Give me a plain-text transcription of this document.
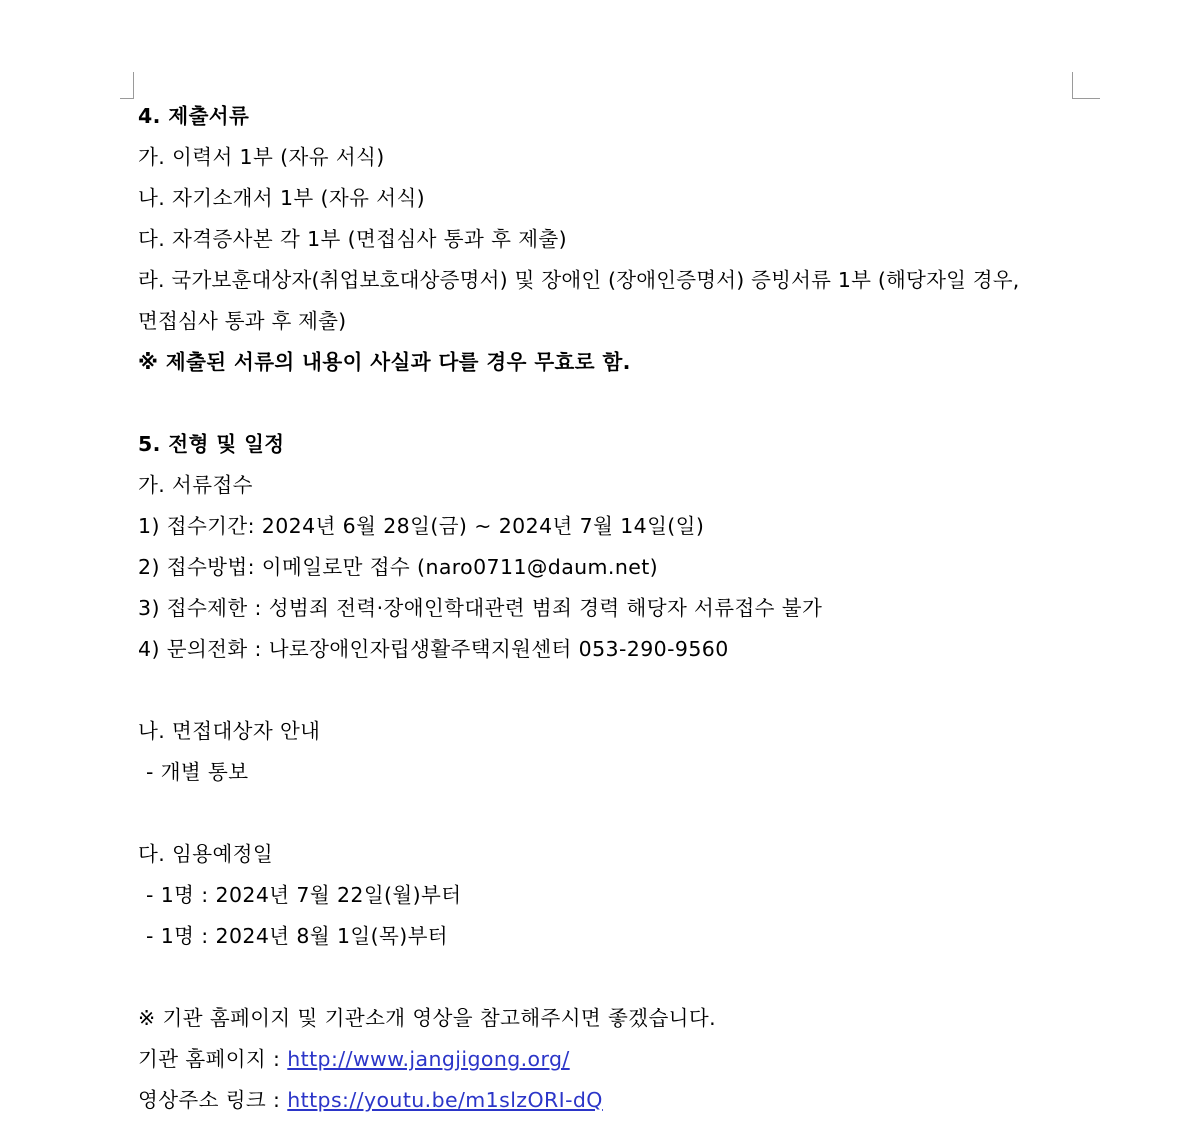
4. 제출서류
가. 이력서 1부 (자유 서식)
나. 자기소개서 1부 (자유 서식)
다. 자격증사본 각 1부 (면접심사 통과 후 제출)
라. 국가보훈대상자(취업보호대상증명서) 및 장애인 (장애인증명서) 증빙서류 1부 (해당자일 경우, 면접심사 통과 후 제출)
※ 제출된 서류의 내용이 사실과 다를 경우 무효로 함.
5. 전형 및 일정
가. 서류접수
1) 접수기간: 2024년 6월 28일(금) ~ 2024년 7월 14일(일)
2) 접수방법: 이메일로만 접수 (naro0711@daum.net)
3) 접수제한 : 성범죄 전력·장애인학대관련 범죄 경력 해당자 서류접수 불가
4) 문의전화 : 나로장애인자립생활주택지원센터 053-290-9560
나. 면접대상자 안내
- 개별 통보
다. 임용예정일
- 1명 : 2024년 7월 22일(월)부터
- 1명 : 2024년 8월 1일(목)부터
※ 기관 홈페이지 및 기관소개 영상을 참고해주시면 좋겠습니다.
기관 홈페이지 : http://www.jangjigong.org/
영상주소 링크 : https://youtu.be/m1slzORI-dQ
